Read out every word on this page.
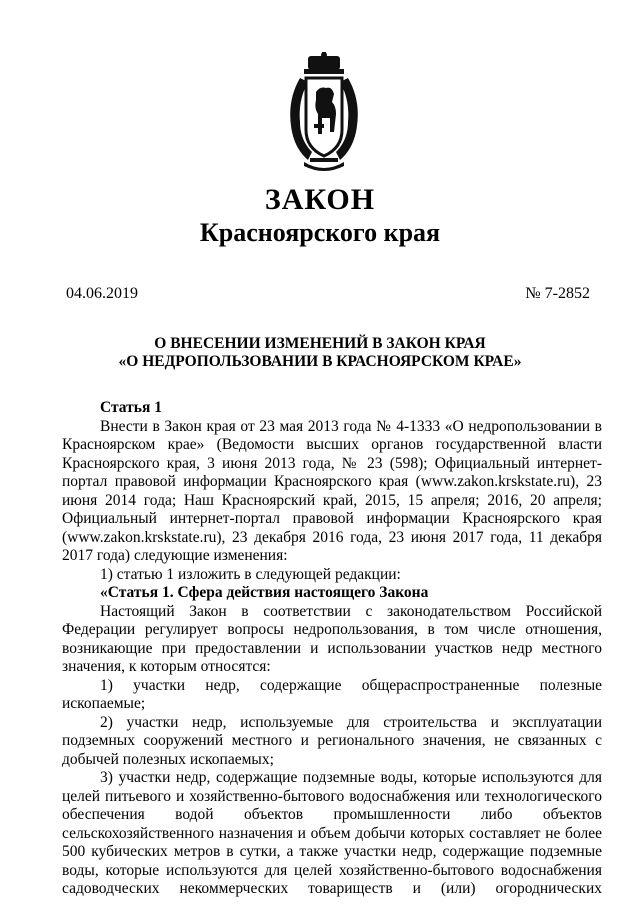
ЗАКОН
Красноярского края
04.06.2019	№ 7-2852
О ВНЕСЕНИИ ИЗМЕНЕНИЙ В ЗАКОН КРАЯ
«О НЕДРОПОЛЬЗОВАНИИ В КРАСНОЯРСКОМ КРАЕ»

Статья 1

Внести в Закон края от 23 мая 2013 года № 4-1333 «О недропользовании в Красноярском крае» (Ведомости высших органов государственной власти Красноярского края, 3 июня 2013 года, № 23 (598); Официальный интернет-портал правовой информации Красноярского края (www.zakon.krskstate.ru), 23 июня 2014 года; Наш Красноярский край, 2015, 15 апреля; 2016, 20 апреля; Официальный интернет-портал правовой информации Красноярского края (www.zakon.krskstate.ru), 23 декабря 2016 года, 23 июня 2017 года, 11 декабря 2017 года) следующие изменения:

1) статью 1 изложить в следующей редакции:

«Статья 1. Сфера действия настоящего Закона

Настоящий Закон в соответствии с законодательством Российской Федерации регулирует вопросы недропользования, в том числе отношения, возникающие при предоставлении и использовании участков недр местного значения, к которым относятся:

1) участки недр, содержащие общераспространенные полезные ископаемые;

2) участки недр, используемые для строительства и эксплуатации подземных сооружений местного и регионального значения, не связанных с добычей полезных ископаемых;

3) участки недр, содержащие подземные воды, которые используются для целей питьевого и хозяйственно-бытового водоснабжения или технологического обеспечения водой объектов промышленности либо объектов сельскохозяйственного назначения и объем добычи которых составляет не более 500 кубических метров в сутки, а также участки недр, содержащие подземные воды, которые используются для целей хозяйственно-бытового водоснабжения садоводческих некоммерческих товариществ и (или) огороднических
